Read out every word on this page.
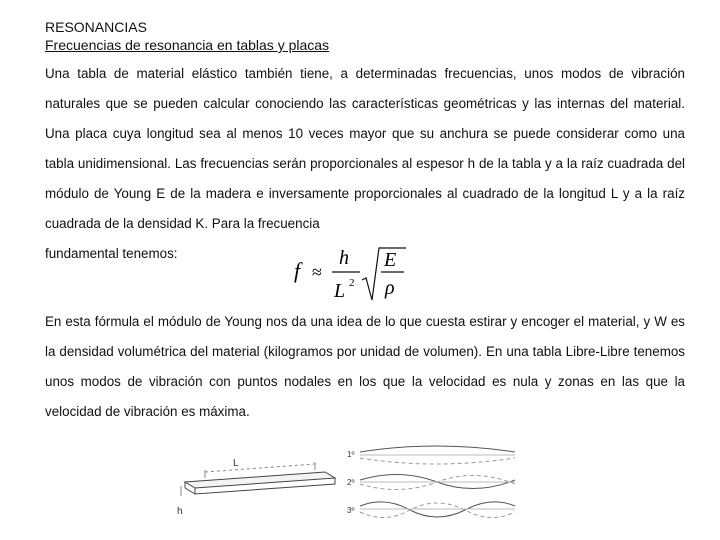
RESONANCIAS

Frecuencias de resonancia en tablas y placas

Una tabla de material elástico también tiene, a determinadas frecuencias, unos modos de vibración naturales que se pueden calcular conociendo las características geométricas y las internas del material. Una placa cuya longitud sea al menos 10 veces mayor que su anchura se puede considerar como una tabla unidimensional. Las frecuencias serán proporcionales al espesor h de la tabla y a la raíz cuadrada del módulo de Young E de la madera e inversamente proporcionales al cuadrado de la longitud L y a la raíz cuadrada de la densidad K. Para la frecuencia

fundamental tenemos:

En esta fórmula el módulo de Young nos da una idea de lo que cuesta estirar y encoger el material, y W es la densidad volumétrica del material (kilogramos por unidad de volumen). En una tabla Libre-Libre tenemos unos modos de vibración con puntos nodales en los que la velocidad es nula y zonas en las que la velocidad de vibración es máxima.

f ≈
h
L 2
E
ρ
L
h
1º
2º
3º
